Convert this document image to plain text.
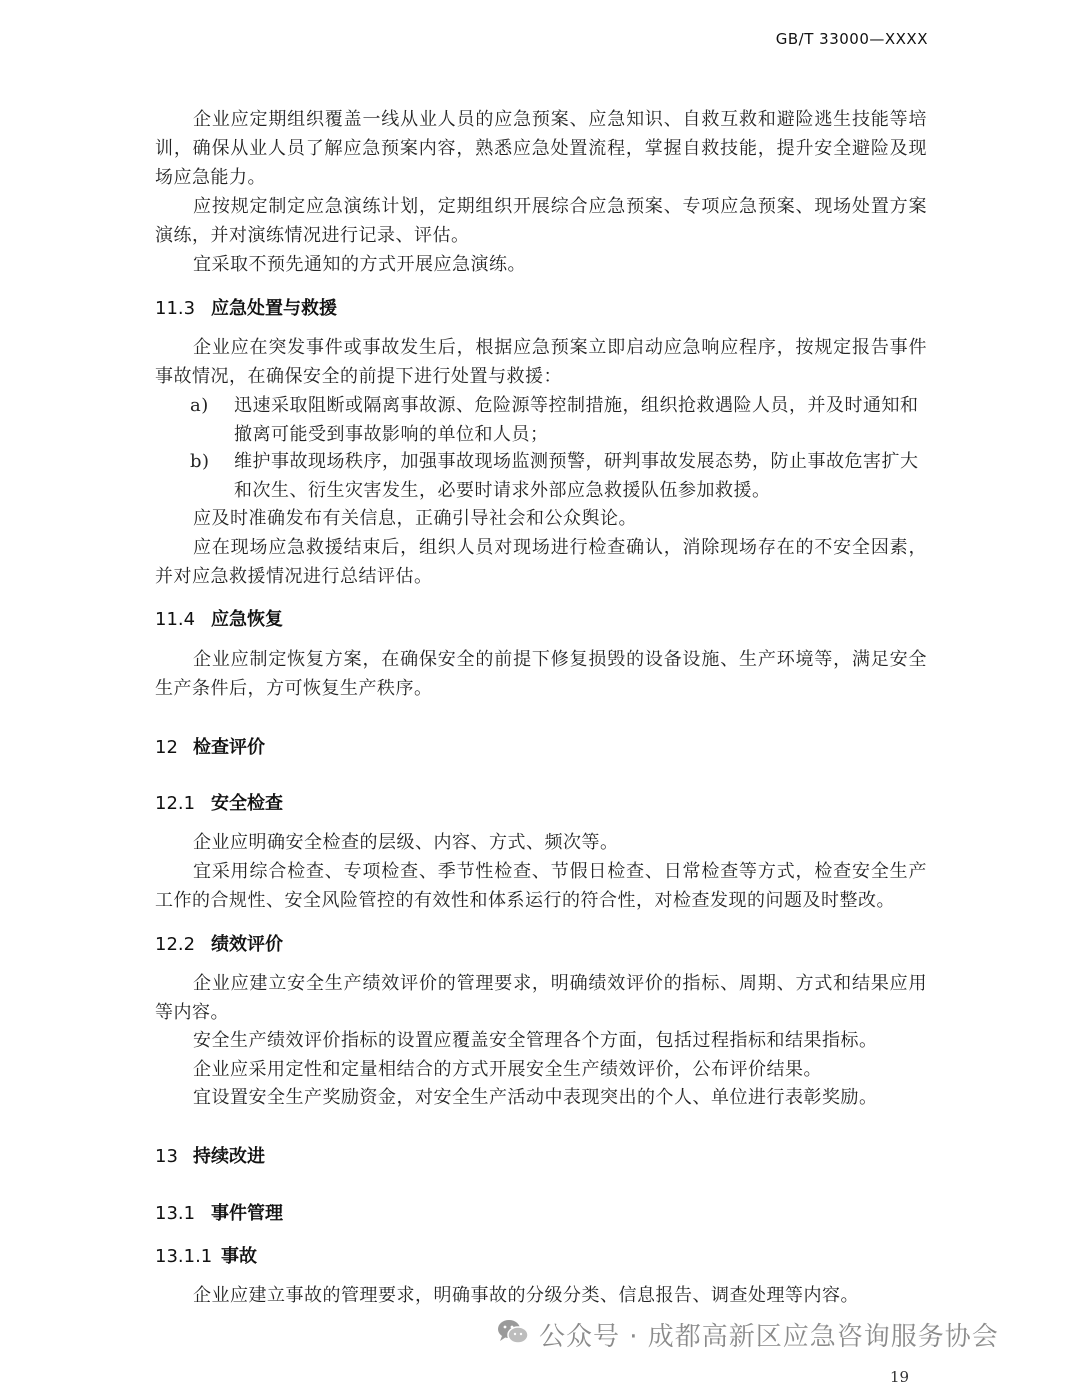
GB/T 33000—XXXX
企业应定期组织覆盖一线从业人员的应急预案、应急知识、自救互救和避险逃生技能等培训，确保从业人员了解应急预案内容，熟悉应急处置流程，掌握自救技能，提升安全避险及现场应急能力。
应按规定制定应急演练计划，定期组织开展综合应急预案、专项应急预案、现场处置方案演练，并对演练情况进行记录、评估。
宜采取不预先通知的方式开展应急演练。
11.3 应急处置与救援
企业应在突发事件或事故发生后，根据应急预案立即启动应急响应程序，按规定报告事件事故情况，在确保安全的前提下进行处置与救援：
a) 迅速采取阻断或隔离事故源、危险源等控制措施，组织抢救遇险人员，并及时通知和撤离可能受到事故影响的单位和人员；
b) 维护事故现场秩序，加强事故现场监测预警，研判事故发展态势，防止事故危害扩大和次生、衍生灾害发生，必要时请求外部应急救援队伍参加救援。
应及时准确发布有关信息，正确引导社会和公众舆论。
应在现场应急救援结束后，组织人员对现场进行检查确认，消除现场存在的不安全因素，并对应急救援情况进行总结评估。
11.4 应急恢复
企业应制定恢复方案，在确保安全的前提下修复损毁的设备设施、生产环境等，满足安全生产条件后，方可恢复生产秩序。
12 检查评价
12.1 安全检查
企业应明确安全检查的层级、内容、方式、频次等。
宜采用综合检查、专项检查、季节性检查、节假日检查、日常检查等方式，检查安全生产工作的合规性、安全风险管控的有效性和体系运行的符合性，对检查发现的问题及时整改。
12.2 绩效评价
企业应建立安全生产绩效评价的管理要求，明确绩效评价的指标、周期、方式和结果应用等内容。
安全生产绩效评价指标的设置应覆盖安全管理各个方面，包括过程指标和结果指标。
企业应采用定性和定量相结合的方式开展安全生产绩效评价，公布评价结果。
宜设置安全生产奖励资金，对安全生产活动中表现突出的个人、单位进行表彰奖励。
13 持续改进
13.1 事件管理
13.1.1 事故
企业应建立事故的管理要求，明确事故的分级分类、信息报告、调查处理等内容。
公众号 · 成都高新区应急咨询服务协会
19
